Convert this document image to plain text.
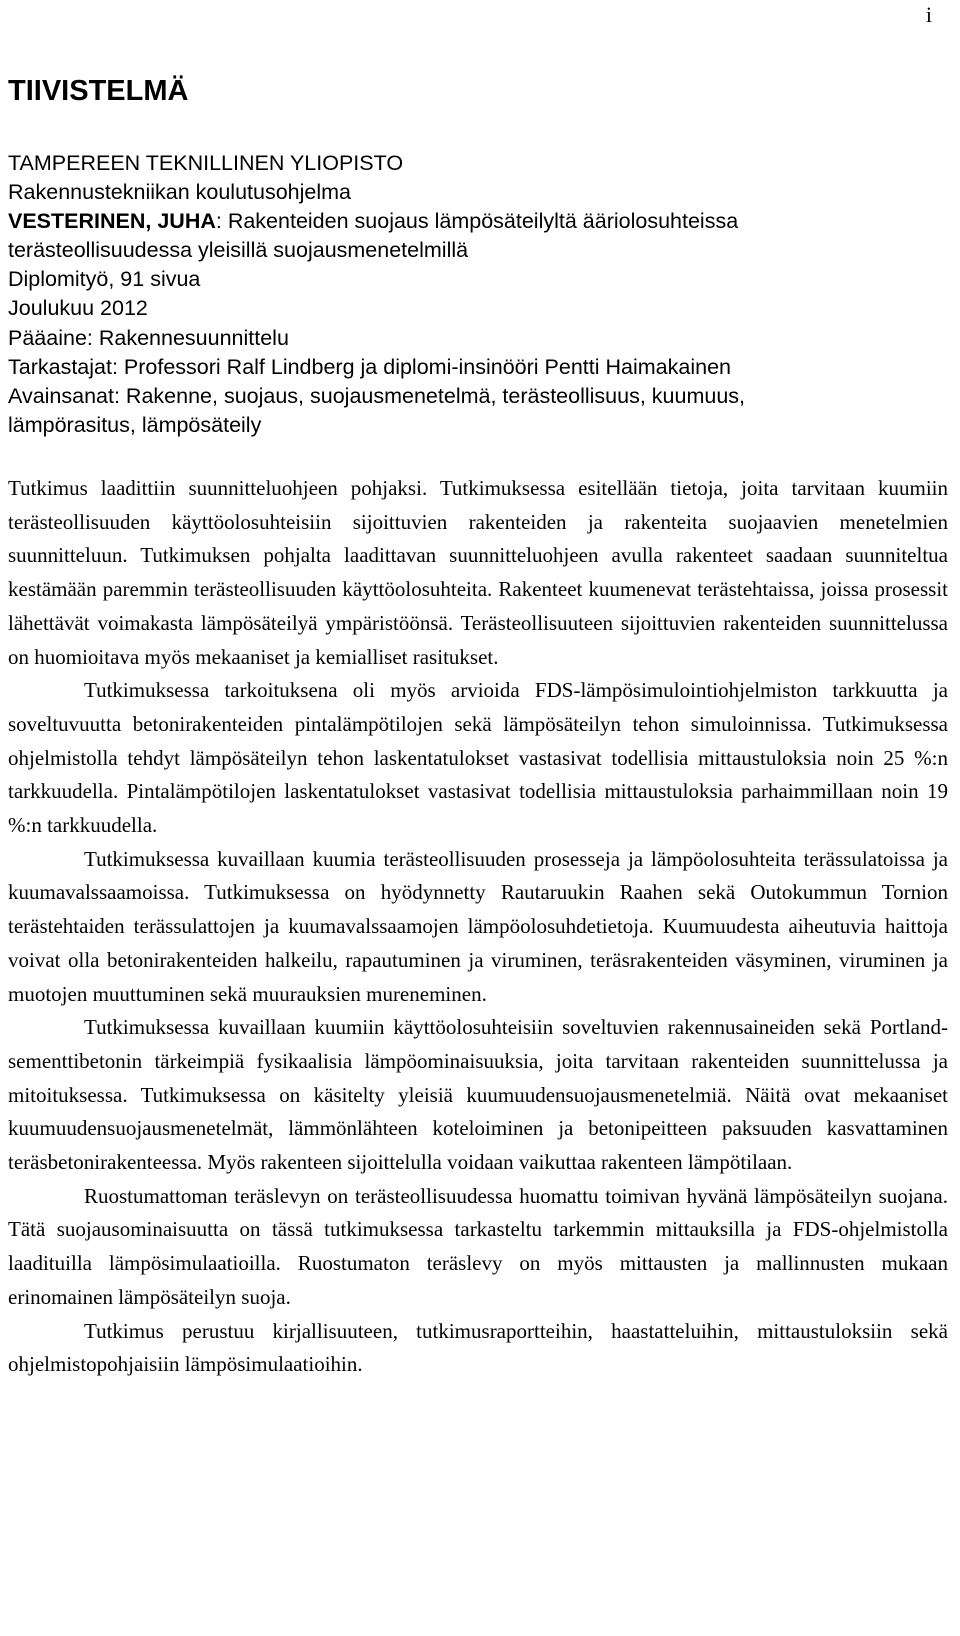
i
TIIVISTELMÄ
TAMPEREEN TEKNILLINEN YLIOPISTO
Rakennustekniikan koulutusohjelma
VESTERINEN, JUHA: Rakenteiden suojaus lämpösäteilyltä ääriolosuhteissa
terästeollisuudessa yleisillä suojausmenetelmillä
Diplomityö, 91 sivua
Joulukuu 2012
Pääaine: Rakennesuunnittelu
Tarkastajat: Professori Ralf Lindberg ja diplomi-insinööri Pentti Haimakainen
Avainsanat: Rakenne, suojaus, suojausmenetelmä, terästeollisuus, kuumuus,
lämpörasitus, lämpösäteily

Tutkimus laadittiin suunnitteluohjeen pohjaksi. Tutkimuksessa esitellään tietoja, joita tarvitaan kuumiin terästeollisuuden käyttöolosuhteisiin sijoittuvien rakenteiden ja rakenteita suojaavien menetelmien suunnitteluun. Tutkimuksen pohjalta laadittavan suunnitteluohjeen avulla rakenteet saadaan suunniteltua kestämään paremmin terästeollisuuden käyttöolosuhteita. Rakenteet kuumenevat terästehtaissa, joissa prosessit lähettävät voimakasta lämpösäteilyä ympäristöönsä. Terästeollisuuteen sijoittuvien rakenteiden suunnittelussa on huomioitava myös mekaaniset ja kemialliset rasitukset.

Tutkimuksessa tarkoituksena oli myös arvioida FDS-lämpösimulointiohjelmiston tarkkuutta ja soveltuvuutta betonirakenteiden pintalämpötilojen sekä lämpösäteilyn tehon simuloinnissa. Tutkimuksessa ohjelmistolla tehdyt lämpösäteilyn tehon laskentatulokset vastasivat todellisia mittaustuloksia noin 25 %:n tarkkuudella. Pintalämpötilojen laskentatulokset vastasivat todellisia mittaustuloksia parhaimmillaan noin 19 %:n tarkkuudella.

Tutkimuksessa kuvaillaan kuumia terästeollisuuden prosesseja ja lämpöolosuhteita terässulatoissa ja kuumavalssaamoissa. Tutkimuksessa on hyödynnetty Rautaruukin Raahen sekä Outokummun Tornion terästehtaiden terässulattojen ja kuumavalssaamojen lämpöolosuhdetietoja. Kuumuudesta aiheutuvia haittoja voivat olla betonirakenteiden halkeilu, rapautuminen ja viruminen, teräsrakenteiden väsyminen, viruminen ja muotojen muuttuminen sekä muurauksien mureneminen.

Tutkimuksessa kuvaillaan kuumiin käyttöolosuhteisiin soveltuvien rakennusaineiden sekä Portland-sementtibetonin tärkeimpiä fysikaalisia lämpöominaisuuksia, joita tarvitaan rakenteiden suunnittelussa ja mitoituksessa. Tutkimuksessa on käsitelty yleisiä kuumuudensuojausmenetelmiä. Näitä ovat mekaaniset kuumuudensuojausmenetelmät, lämmönlähteen koteloiminen ja betonipeitteen paksuuden kasvattaminen teräsbetonirakenteessa. Myös rakenteen sijoittelulla voidaan vaikuttaa rakenteen lämpötilaan.

Ruostumattoman teräslevyn on terästeollisuudessa huomattu toimivan hyvänä lämpösäteilyn suojana. Tätä suojausominaisuutta on tässä tutkimuksessa tarkasteltu tarkemmin mittauksilla ja FDS-ohjelmistolla laadituilla lämpösimulaatioilla. Ruostumaton teräslevy on myös mittausten ja mallinnusten mukaan erinomainen lämpösäteilyn suoja.

Tutkimus perustuu kirjallisuuteen, tutkimusraportteihin, haastatteluihin, mittaustuloksiin sekä ohjelmistopohjaisiin lämpösimulaatioihin.
